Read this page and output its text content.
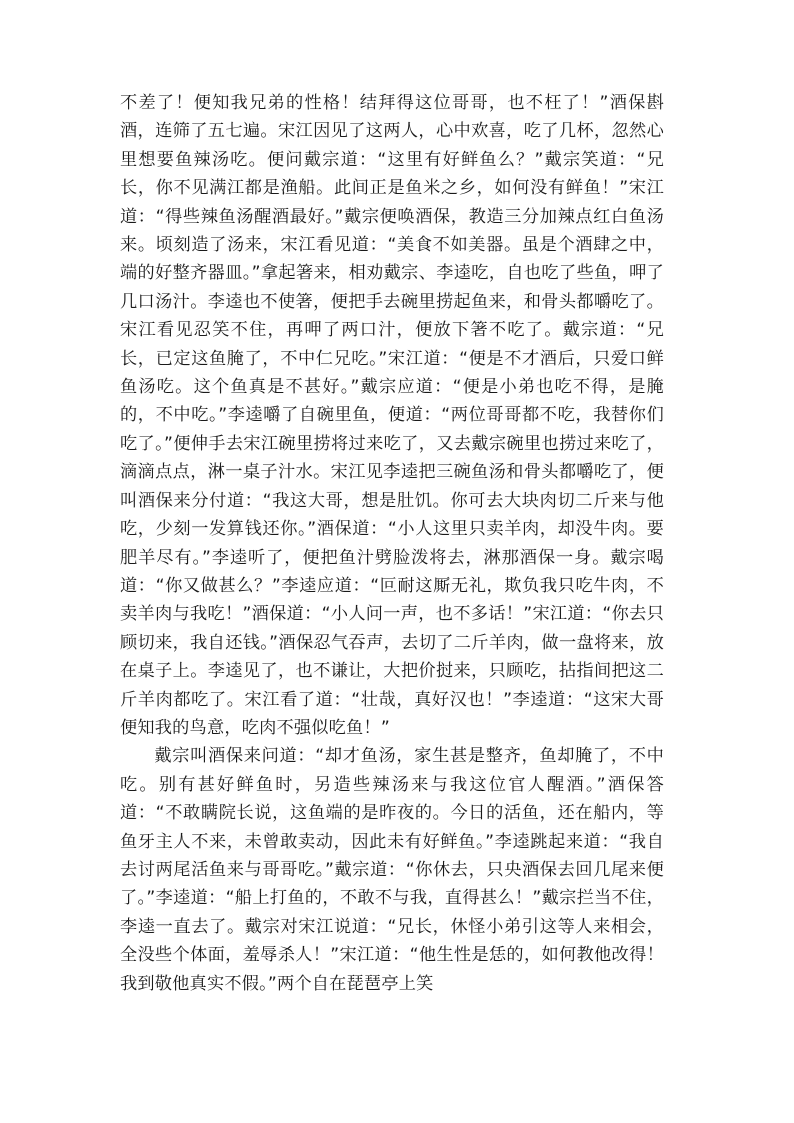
不差了！便知我兄弟的性格！结拜得这位哥哥，也不枉了！”酒保斟酒，连筛了五七遍。宋江因见了这两人，心中欢喜，吃了几杯，忽然心里想要鱼辣汤吃。便问戴宗道：“这里有好鲜鱼么？”戴宗笑道：“兄长，你不见满江都是渔船。此间正是鱼米之乡，如何没有鲜鱼！”宋江道：“得些辣鱼汤醒酒最好。”戴宗便唤酒保，教造三分加辣点红白鱼汤来。顷刻造了汤来，宋江看见道：“美食不如美器。虽是个酒肆之中，端的好整齐器皿。”拿起箸来，相劝戴宗、李逵吃，自也吃了些鱼，呷了几口汤汁。李逵也不使箸，便把手去碗里捞起鱼来，和骨头都嚼吃了。宋江看见忍笑不住，再呷了两口汁，便放下箸不吃了。戴宗道：“兄长，已定这鱼腌了，不中仁兄吃。”宋江道：“便是不才酒后，只爱口鲜鱼汤吃。这个鱼真是不甚好。”戴宗应道：“便是小弟也吃不得，是腌的，不中吃。”李逵嚼了自碗里鱼，便道：“两位哥哥都不吃，我替你们吃了。”便伸手去宋江碗里捞将过来吃了，又去戴宗碗里也捞过来吃了，滴滴点点，淋一桌子汁水。宋江见李逵把三碗鱼汤和骨头都嚼吃了，便叫酒保来分付道：“我这大哥，想是肚饥。你可去大块肉切二斤来与他吃，少刻一发算钱还你。”酒保道：“小人这里只卖羊肉，却没牛肉。要肥羊尽有。”李逵听了，便把鱼汁劈脸泼将去，淋那酒保一身。戴宗喝道：“你又做甚么？”李逵应道：“叵耐这厮无礼，欺负我只吃牛肉，不卖羊肉与我吃！”酒保道：“小人问一声，也不多话！”宋江道：“你去只顾切来，我自还钱。”酒保忍气吞声，去切了二斤羊肉，做一盘将来，放在桌子上。李逵见了，也不谦让，大把价挝来，只顾吃，拈指间把这二斤羊肉都吃了。宋江看了道：“壮哉，真好汉也！”李逵道：“这宋大哥便知我的鸟意，吃肉不强似吃鱼！”

戴宗叫酒保来问道：“却才鱼汤，家生甚是整齐，鱼却腌了，不中吃。别有甚好鲜鱼时，另造些辣汤来与我这位官人醒酒。”酒保答道：“不敢瞒院长说，这鱼端的是昨夜的。今日的活鱼，还在船内，等鱼牙主人不来，未曾敢卖动，因此未有好鲜鱼。”李逵跳起来道：“我自去讨两尾活鱼来与哥哥吃。”戴宗道：“你休去，只央酒保去回几尾来便了。”李逵道：“船上打鱼的，不敢不与我，直得甚么！”戴宗拦当不住，李逵一直去了。戴宗对宋江说道：“兄长，休怪小弟引这等人来相会，全没些个体面，羞辱杀人！”宋江道：“他生性是恁的，如何教他改得！我到敬他真实不假。”两个自在琵琶亭上笑
